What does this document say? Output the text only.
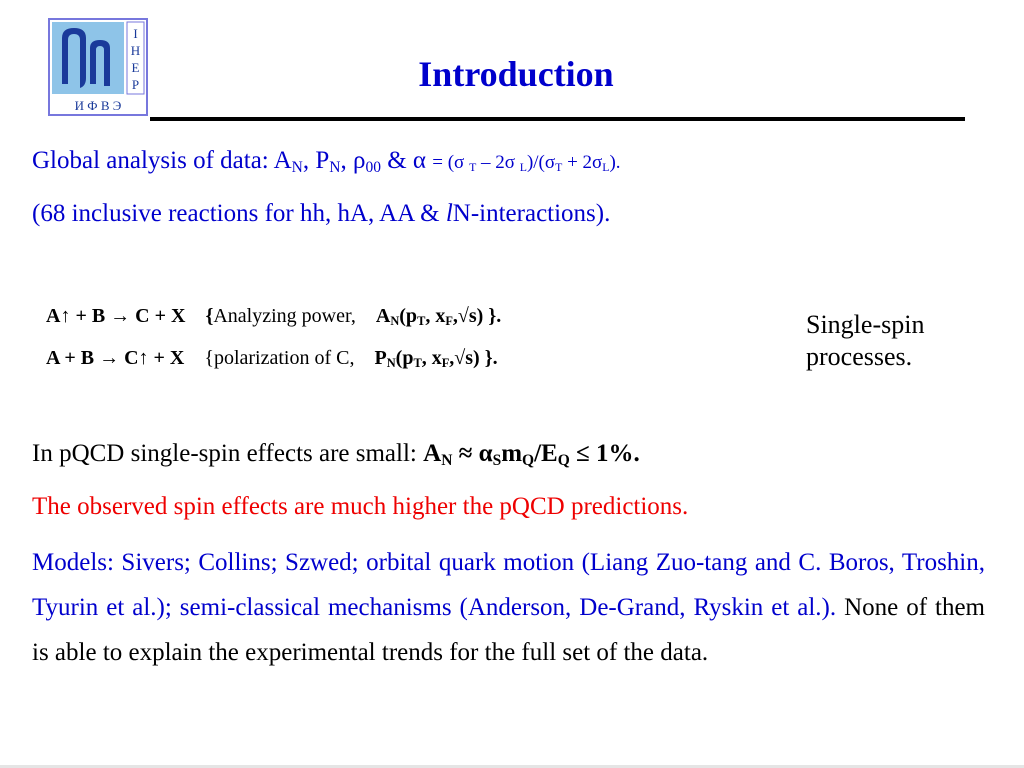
I
H
E
P
И Ф В Э
Introduction
Global analysis of data: $A_N$, $P_N$, $\rho_{00}$ & α = (σ $_T$ – 2σ $_L)/(\sigma_T + 2\sigma_L)$.
(68 inclusive reactions for hh, hA, AA & lN-interactions).
A↑ + B → C + X {Analyzing power, $A_N(p_T$, $x_F,√s$) }.
A + B → C↑ + X {polarization of C, $P_N(p_T$, $x_F,√s$) }.
Single-spin
processes.
In pQCD single-spin effects are small: $A_N \approx \alpha_Sm_Q/E_Q \le 1\%$.
The observed spin effects are much higher the pQCD predictions.
Models: Sivers; Collins; Szwed; orbital quark motion (Liang Zuo-tang and C. Boros, Troshin, Tyurin et al.); semi-classical mechanisms (Anderson, De-Grand, Ryskin et al.). None of them is able to explain the experimental trends for the full set of the data.
